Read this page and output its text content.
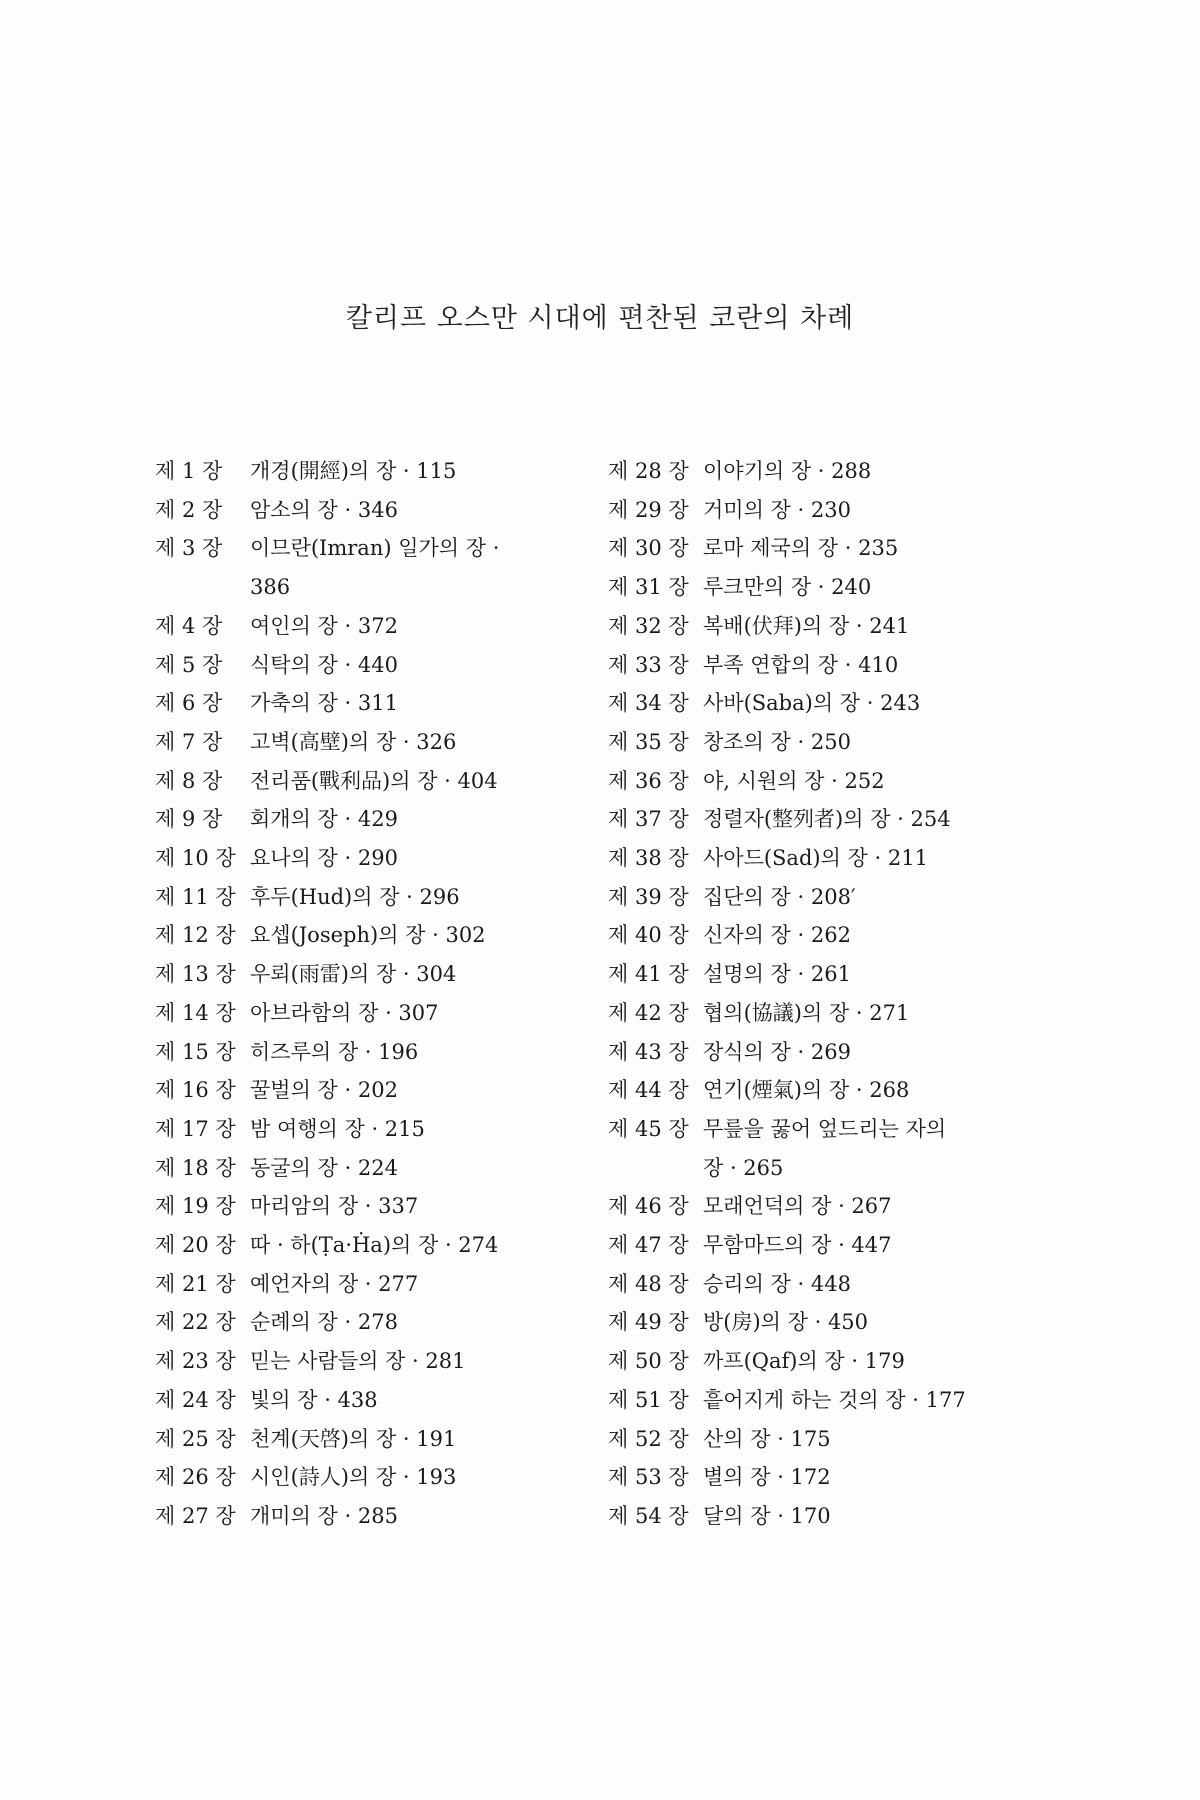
칼리프 오스만 시대에 편찬된 코란의 차례
제 1 장	개경(開經)의 장 · 115
제 2 장	암소의 장 · 346
제 3 장	이므란(Imran) 일가의 장 ·
386
제 4 장	여인의 장 · 372
제 5 장	식탁의 장 · 440
제 6 장	가축의 장 · 311
제 7 장	고벽(高壁)의 장 · 326
제 8 장	전리품(戰利品)의 장 · 404
제 9 장	회개의 장 · 429
제 10 장 요나의 장 · 290
제 11 장 후두(Hud)의 장 · 296
제 12 장 요셉(Joseph)의 장 · 302
제 13 장 우뢰(雨雷)의 장 · 304
제 14 장 아브라함의 장 · 307
제 15 장 히즈루의 장 · 196
제 16 장 꿀벌의 장 · 202
제 17 장 밤 여행의 장 · 215
제 18 장 동굴의 장 · 224
제 19 장 마리암의 장 · 337
제 20 장 따 · 하(Ṭa·Ḣa)의 장 · 274
제 21 장 예언자의 장 · 277
제 22 장 순례의 장 · 278
제 23 장 믿는 사람들의 장 · 281
제 24 장 빛의 장 · 438
제 25 장 천계(天啓)의 장 · 191
제 26 장 시인(詩人)의 장 · 193
제 27 장 개미의 장 · 285
제 28 장 이야기의 장 · 288
제 29 장 거미의 장 · 230
제 30 장 로마 제국의 장 · 235
제 31 장 루크만의 장 · 240
제 32 장 복배(伏拜)의 장 · 241
제 33 장 부족 연합의 장 · 410
제 34 장 사바(Saba)의 장 · 243
제 35 장 창조의 장 · 250
제 36 장 야, 시원의 장 · 252
제 37 장 정렬자(整列者)의 장 · 254
제 38 장 사아드(Sad)의 장 · 211
제 39 장 집단의 장 · 208′
제 40 장 신자의 장 · 262
제 41 장 설명의 장 · 261
제 42 장 협의(協議)의 장 · 271
제 43 장 장식의 장 · 269
제 44 장 연기(煙氣)의 장 · 268
제 45 장 무릎을 꿇어 엎드리는 자의
장 · 265
제 46 장 모래언덕의 장 · 267
제 47 장 무함마드의 장 · 447
제 48 장 승리의 장 · 448
제 49 장 방(房)의 장 · 450
제 50 장 까프(Qaf)의 장 · 179
제 51 장 흩어지게 하는 것의 장 · 177
제 52 장 산의 장 · 175
제 53 장 별의 장 · 172
제 54 장 달의 장 · 170
